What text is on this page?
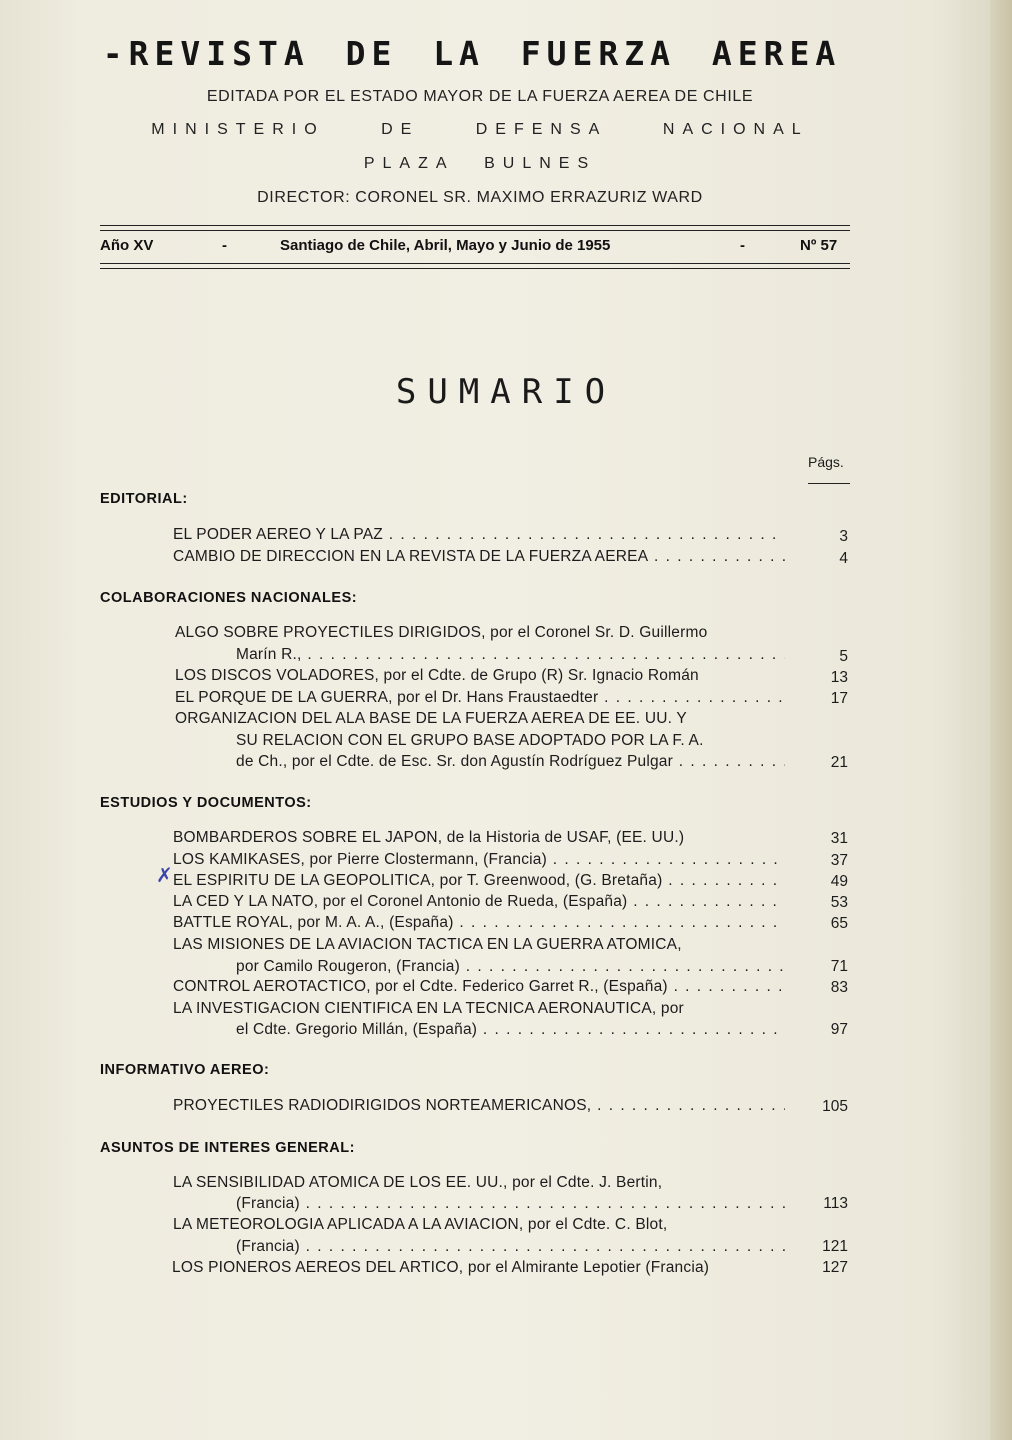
-REVISTA DE LA FUERZA AEREA
EDITADA POR EL ESTADO MAYOR DE LA FUERZA AEREA DE CHILE
MINISTERIO DE DEFENSA NACIONAL
PLAZA BULNES
DIRECTOR: CORONEL SR. MAXIMO ERRAZURIZ WARD
Año XV	-	Santiago de Chile, Abril, Mayo y Junio de 1955	-	Nº 57
SUMARIO
Págs.
EDITORIAL:
EL PODER AEREO Y LA PAZ . . .	3
CAMBIO DE DIRECCION EN LA REVISTA DE LA FUERZA AEREA . . .	4
COLABORACIONES NACIONALES:
ALGO SOBRE PROYECTILES DIRIGIDOS, por el Coronel Sr. D. Guillermo
Marín R., . . .	5
LOS DISCOS VOLADORES, por el Cdte. de Grupo (R) Sr. Ignacio Román	13
EL PORQUE DE LA GUERRA, por el Dr. Hans Fraustaedter . . .	17
ORGANIZACION DEL ALA BASE DE LA FUERZA AEREA DE EE. UU. Y
SU RELACION CON EL GRUPO BASE ADOPTADO POR LA F. A.
de Ch., por el Cdte. de Esc. Sr. don Agustín Rodríguez Pulgar . . .	21
ESTUDIOS Y DOCUMENTOS:
BOMBARDEROS SOBRE EL JAPON, de la Historia de USAF, (EE. UU.)	31
LOS KAMIKASES, por Pierre Clostermann, (Francia) . . .	37
✗ EL ESPIRITU DE LA GEOPOLITICA, por T. Greenwood, (G. Bretaña) . . .	49
LA CED Y LA NATO, por el Coronel Antonio de Rueda, (España) . . .	53
BATTLE ROYAL, por M. A. A., (España) . . .	65
LAS MISIONES DE LA AVIACION TACTICA EN LA GUERRA ATOMICA,
por Camilo Rougeron, (Francia) . . .	71
CONTROL AEROTACTICO, por el Cdte. Federico Garret R., (España) . . .	83
LA INVESTIGACION CIENTIFICA EN LA TECNICA AERONAUTICA, por
el Cdte. Gregorio Millán, (España) . . .	97
INFORMATIVO AEREO:
PROYECTILES RADIODIRIGIDOS NORTEAMERICANOS, . . .	105
ASUNTOS DE INTERES GENERAL:
LA SENSIBILIDAD ATOMICA DE LOS EE. UU., por el Cdte. J. Bertin,
(Francia) . . .	113
LA METEOROLOGIA APLICADA A LA AVIACION, por el Cdte. C. Blot,
(Francia) . . .	121
LOS PIONEROS AEREOS DEL ARTICO, por el Almirante Lepotier (Francia)	127
